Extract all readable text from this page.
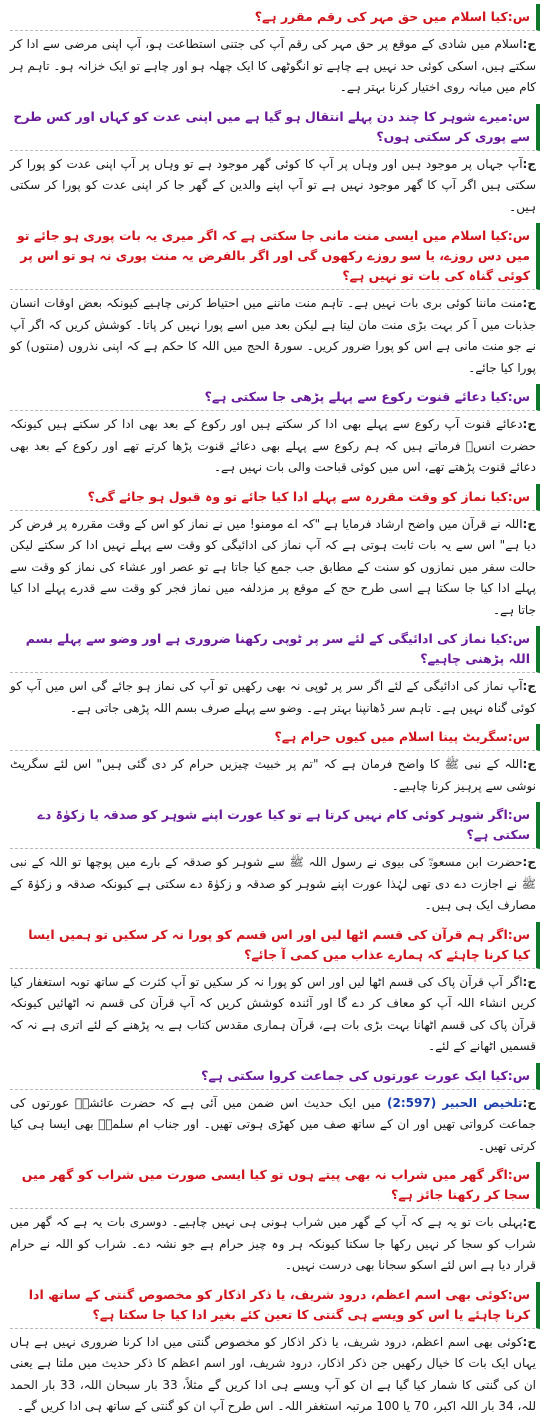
س:کیا اسلام میں حق مہر کی رقم مقرر ہے؟

ج:اسلام میں شادی کے موقع پر حق مہر کی رقم آپ کی جتنی استطاعت ہو، آپ اپنی مرضی سے ادا کر سکتے ہیں، اسکی کوئی حد نہیں ہے چاہے تو انگوٹھی کا ایک چھلہ ہو اور چاہے تو ایک خزانہ ہو۔ تاہم ہر کام میں میانہ روی اختیار کرنا بہتر ہے۔

س:میرے شوہر کا چند دن پہلے انتقال ہو گیا ہے میں اپنی عدت کو کہاں اور کس طرح سے پوری کر سکتی ہوں؟

ج:آپ جہاں پر موجود ہیں اور وہاں پر آپ کا کوئی گھر موجود ہے تو وہاں پر آپ اپنی عدت کو پورا کر سکتی ہیں اگر آپ کا گھر موجود نہیں ہے تو آپ اپنے والدین کے گھر جا کر اپنی عدت کو پورا کر سکتی ہیں۔

س:کیا اسلام میں ایسی منت مانی جا سکتی ہے کہ اگر میری یہ بات پوری ہو جائے تو میں دس روزے، یا سو روزے رکھوں گی اور اگر بالفرض یہ منت پوری نہ ہو تو اس پر کوئی گناہ کی بات تو نہیں ہے؟

ج:منت ماننا کوئی بری بات نہیں ہے۔ تاہم منت ماننے میں احتیاط کرنی چاہیے کیونکہ بعض اوقات انسان جذبات میں آ کر بہت بڑی منت مان لیتا ہے لیکن بعد میں اسے پورا نہیں کر پاتا۔ کوشش کریں کہ اگر آپ نے جو منت مانی ہے اس کو پورا ضرور کریں۔ سورۃ الحج میں اللہ کا حکم ہے کہ اپنی نذروں (منتوں) کو پورا کیا جائے۔

س:کیا دعائے قنوت رکوع سے پہلے پڑھی جا سکتی ہے؟

ج:دعائے قنوت آپ رکوع سے پہلے بھی ادا کر سکتے ہیں اور رکوع کے بعد بھی ادا کر سکتے ہیں کیونکہ حضرت انسؓ فرماتے ہیں کہ ہم رکوع سے پہلے بھی دعائے قنوت پڑھا کرتے تھے اور رکوع کے بعد بھی دعائے قنوت پڑھتے تھے، اس میں کوئی قباحت والی بات نہیں ہے۔

س:کیا نماز کو وقت مقررہ سے پہلے ادا کیا جائے تو وہ قبول ہو جائے گی؟

ج:اللہ نے قرآن میں واضح ارشاد فرمایا ہے "کہ اے مومنو! میں نے نماز کو اس کے وقت مقررہ پر فرض کر دیا ہے" اس سے یہ بات ثابت ہوتی ہے کہ آپ نماز کی ادائیگی کو وقت سے پہلے نہیں ادا کر سکتے لیکن حالت سفر میں نمازوں کو سنت کے مطابق جب جمع کیا جاتا ہے تو عصر اور عشاء کی نماز کو وقت سے پہلے ادا کیا جا سکتا ہے اسی طرح حج کے موقع پر مزدلفہ میں نماز فجر کو وقت سے قدرے پہلے ادا کیا جاتا ہے۔

س:کیا نماز کی ادائیگی کے لئے سر پر ٹوپی رکھنا ضروری ہے اور وضو سے پہلے بسم اللہ پڑھنی چاہیے؟

ج:آپ نماز کی ادائیگی کے لئے اگر سر پر ٹوپی نہ بھی رکھیں تو آپ کی نماز ہو جائے گی اس میں آپ کو کوئی گناہ نہیں ہے۔ تاہم سر ڈھانپنا بہتر ہے۔ وضو سے پہلے صرف بسم اللہ پڑھی جاتی ہے۔

س:سگریٹ پینا اسلام میں کیوں حرام ہے؟

ج:اللہ کے نبی ﷺ کا واضح فرمان ہے کہ "تم پر خبیث چیزیں حرام کر دی گئی ہیں" اس لئے سگریٹ نوشی سے پرہیز کرنا چاہیے۔

س:اگر شوہر کوئی کام نہیں کرتا ہے تو کیا عورت اپنے شوہر کو صدقہ یا زکوٰۃ دے سکتی ہے؟

ج:حضرت ابن مسعودؓ کی بیوی نے رسول اللہ ﷺ سے شوہر کو صدقہ کے بارے میں پوچھا تو اللہ کے نبی ﷺ نے اجازت دے دی تھی لہٰذا عورت اپنے شوہر کو صدقہ و زکوٰۃ دے سکتی ہے کیونکہ صدقہ و زکوٰۃ کے مصارف ایک ہی ہیں۔

س:اگر ہم قرآن کی قسم اٹھا لیں اور اس قسم کو پورا نہ کر سکیں تو ہمیں ایسا کیا کرنا چاہئے کہ ہمارے عذاب میں کمی آ جائے؟

ج:اگر آپ قرآن پاک کی قسم اٹھا لیں اور اس کو پورا نہ کر سکیں تو آپ کثرت کے ساتھ توبہ استغفار کیا کریں انشاء اللہ آپ کو معاف کر دے گا اور آئندہ کوشش کریں کہ آپ قرآن کی قسم نہ اٹھائیں کیونکہ قرآن پاک کی قسم اٹھانا بہت بڑی بات ہے، قرآن ہماری مقدس کتاب ہے یہ پڑھنے کے لئے اتری ہے نہ کہ قسمیں اٹھانے کے لئے۔

س:کیا ایک عورت عورتوں کی جماعت کروا سکتی ہے؟

ج:تلخیص الحبیر (2:597) میں ایک حدیث اس ضمن میں آئی ہے کہ حضرت عائشہؓ عورتوں کی جماعت کرواتی تھیں اور ان کے ساتھ صف میں کھڑی ہوتی تھیں۔ اور جناب ام سلمہؓ بھی ایسا ہی کیا کرتی تھیں۔

س:اگر گھر میں شراب نہ بھی پیتے ہوں تو کیا ایسی صورت میں شراب کو گھر میں سجا کر رکھنا جائز ہے؟

ج:پہلی بات تو یہ ہے کہ آپ کے گھر میں شراب ہونی ہی نہیں چاہیے۔ دوسری بات یہ ہے کہ گھر میں شراب کو سجا کر نہیں رکھا جا سکتا کیونکہ ہر وہ چیز حرام ہے جو نشہ دے۔ شراب کو اللہ نے حرام قرار دیا ہے اس لئے اسکو سجانا بھی درست نہیں۔

س:کوئی بھی اسم اعظم، درود شریف، یا ذکر اذکار کو مخصوص گنتی کے ساتھ ادا کرنا چاہئے یا اس کو ویسے ہی گنتی کا تعین کئے بغیر ادا کیا جا سکتا ہے؟

ج:کوئی بھی اسم اعظم، درود شریف، یا ذکر اذکار کو مخصوص گنتی میں ادا کرنا ضروری نہیں ہے ہاں یہاں ایک بات کا خیال رکھیں جن ذکر اذکار، درود شریف، اور اسم اعظم کا ذکر حدیث میں ملتا ہے یعنی ان کی گنتی کا شمار کیا گیا ہے ان کو آپ ویسے ہی ادا کریں گے مثلاً، 33 بار سبحان اللہ، 33 بار الحمد للہ، 34 بار اللہ اکبر، 70 یا 100 مرتبہ استغفر اللہ۔ اس طرح آپ ان کو گنتی کے ساتھ ہی ادا کریں گے۔
